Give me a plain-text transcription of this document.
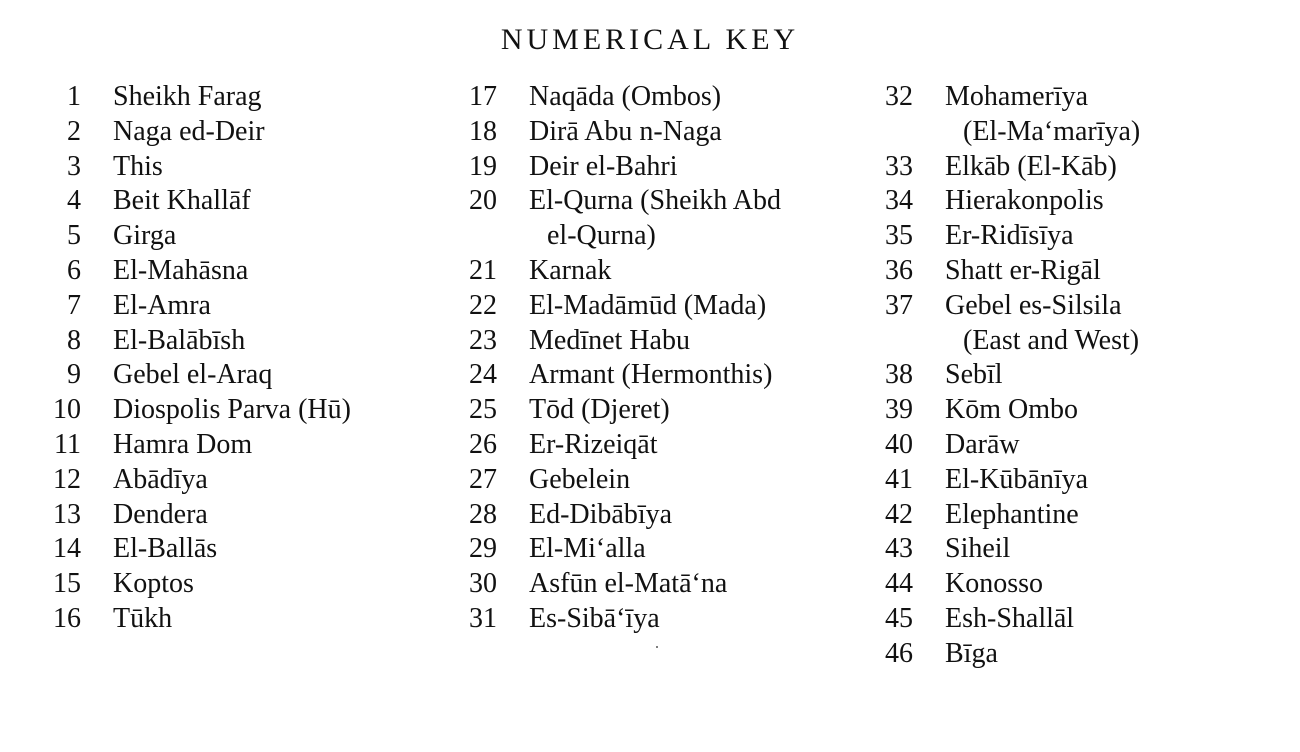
NUMERICAL KEY
1 Sheikh Farag
2 Naga ed-Deir
3 This
4 Beit Khallāf
5 Girga
6 El-Mahāsna
7 El-Amra
8 El-Balābīsh
9 Gebel el-Araq
10 Diospolis Parva (Hū)
11 Hamra Dom
12 Abādīya
13 Dendera
14 El-Ballās
15 Koptos
16 Tūkh
17 Naqāda (Ombos)
18 Dirā Abu n-Naga
19 Deir el-Bahri
20 El-Qurna (Sheikh Abd
el-Qurna)
21 Karnak
22 El-Madāmūd (Mada)
23 Medīnet Habu
24 Armant (Hermonthis)
25 Tōd (Djeret)
26 Er-Rizeiqāt
27 Gebelein
28 Ed-Dibābīya
29 El-Mi‘alla
30 Asfūn el-Matā‘na
31 Es-Sibā‘īya
32 Mohamerīya
(El-Ma‘marīya)
33 Elkāb (El-Kāb)
34 Hierakonpolis
35 Er-Ridīsīya
36 Shatt er-Rigāl
37 Gebel es-Silsila
(East and West)
38 Sebīl
39 Kōm Ombo
40 Darāw
41 El-Kūbānīya
42 Elephantine
43 Siheil
44 Konosso
45 Esh-Shallāl
46 Bīga
